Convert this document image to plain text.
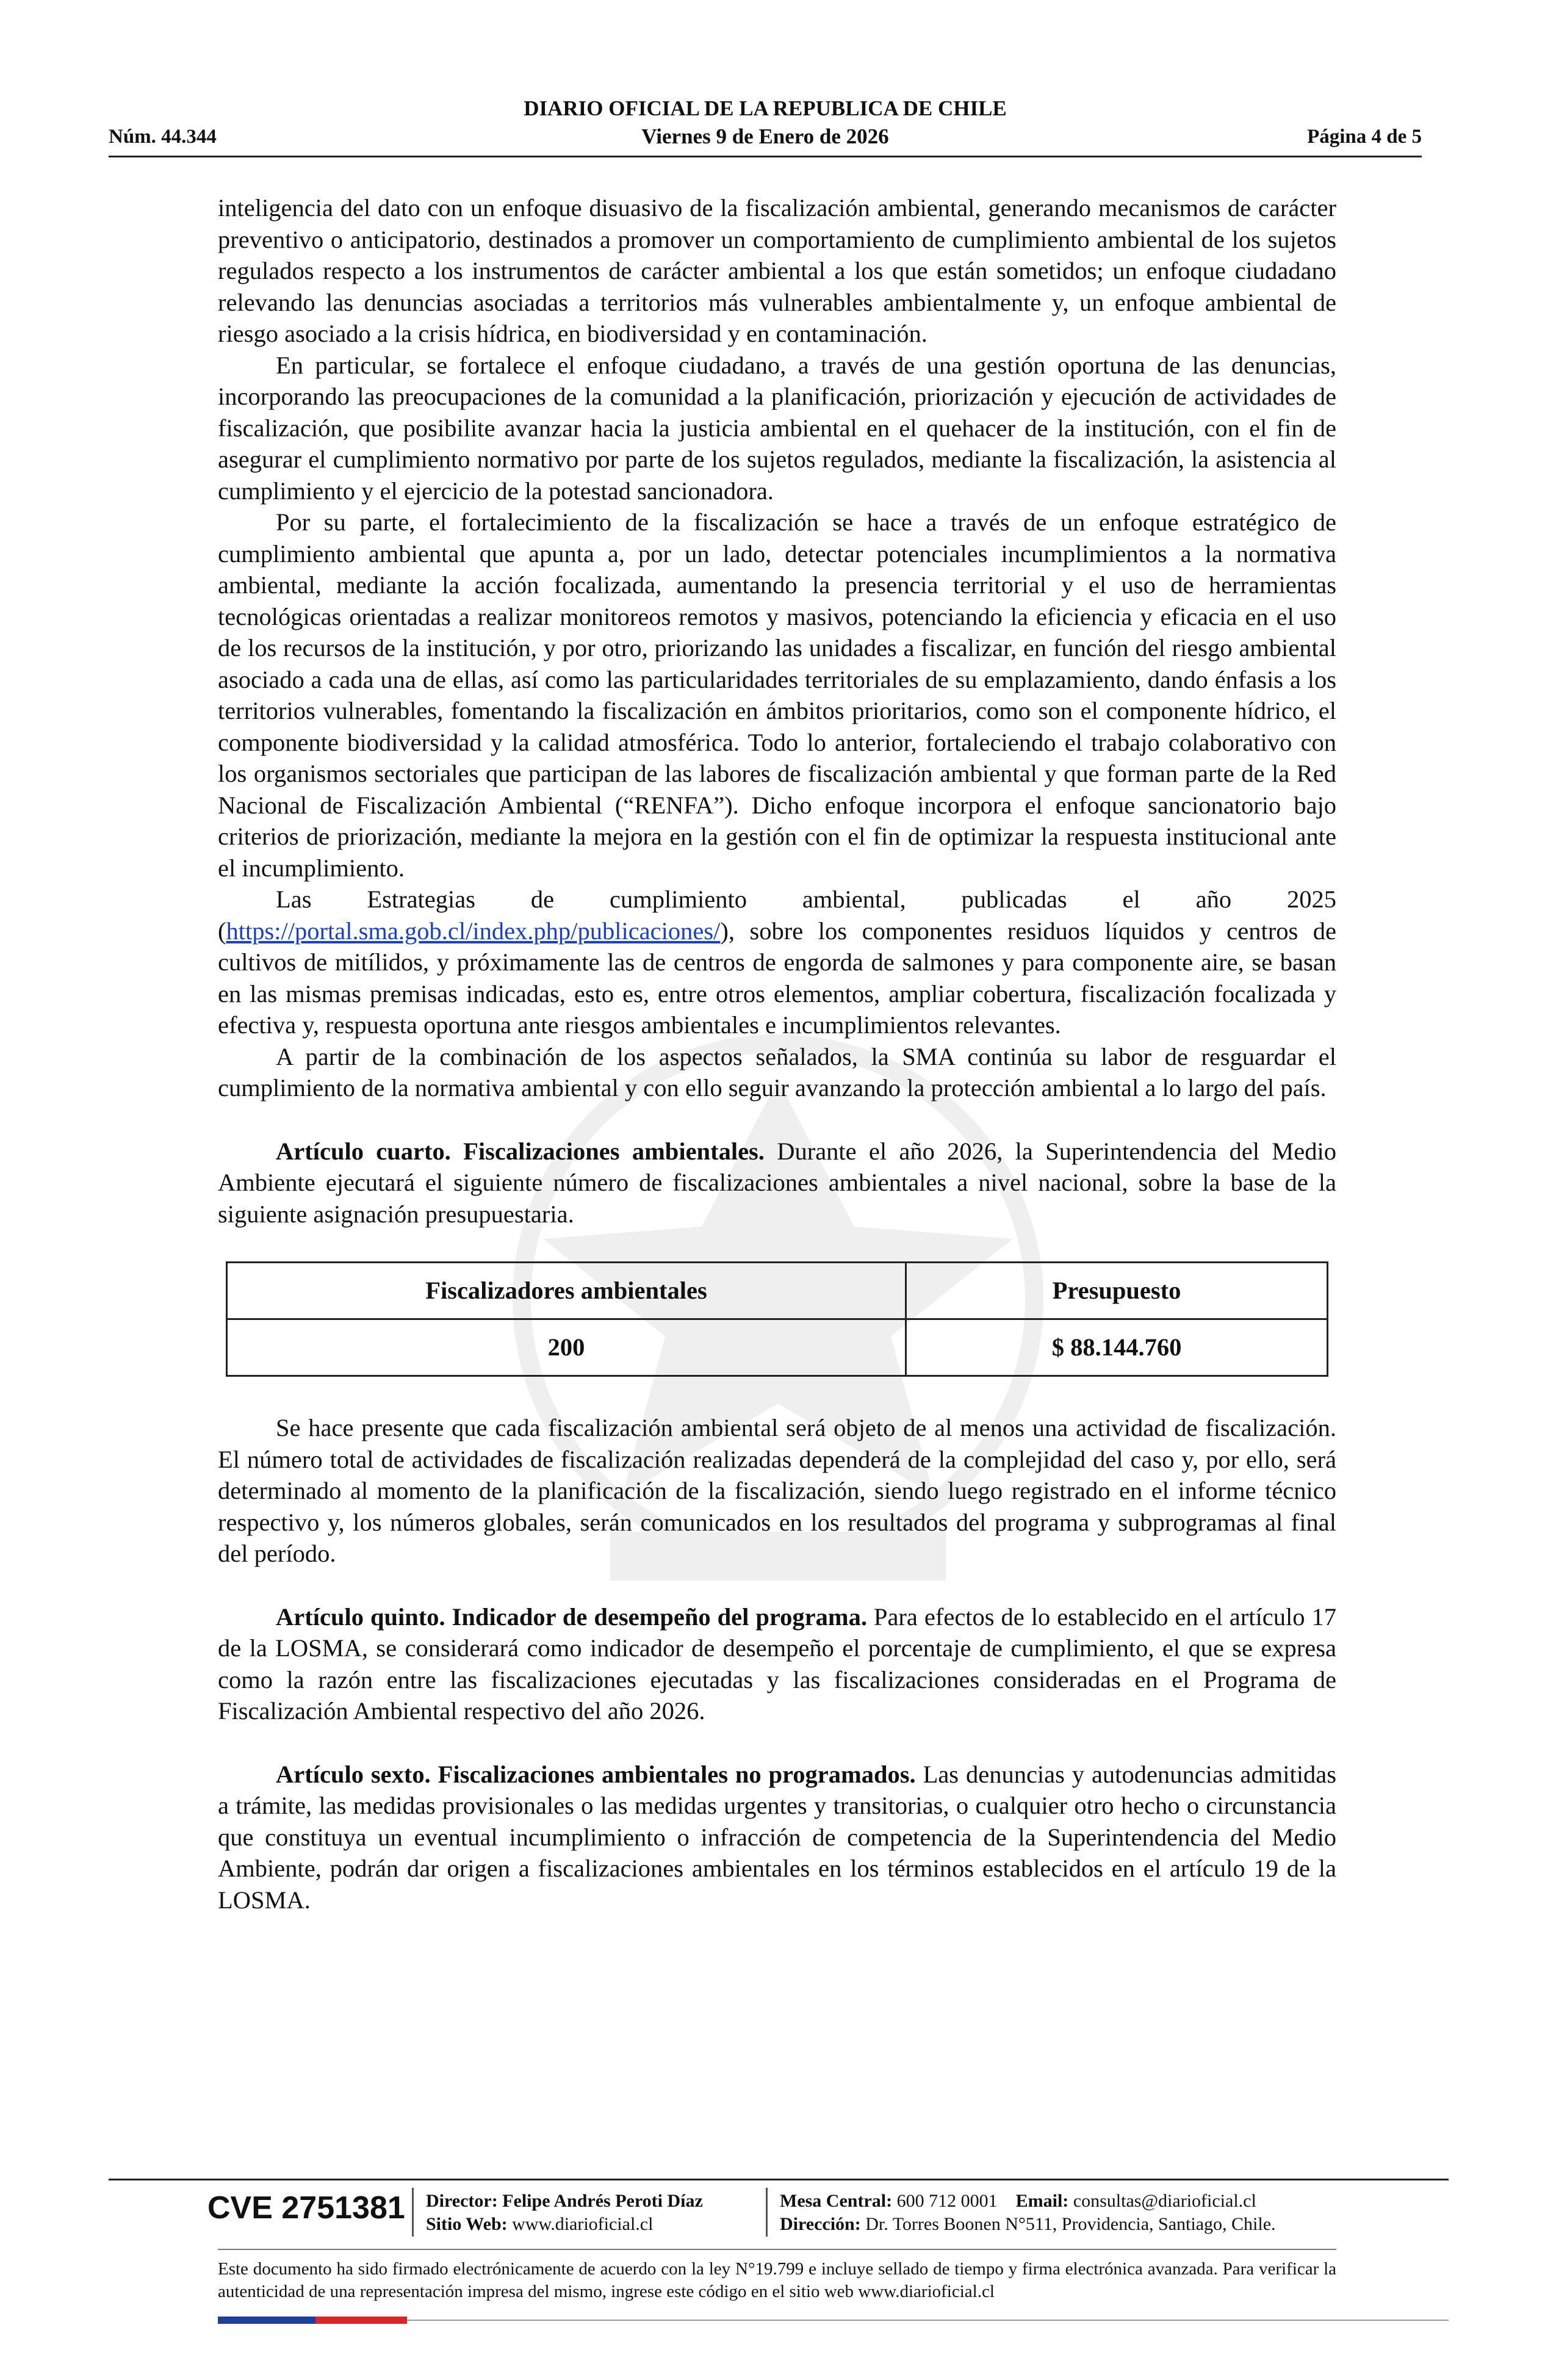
DIARIO OFICIAL DE LA REPUBLICA DE CHILE
Núm. 44.344	Viernes 9 de Enero de 2026	Página 4 de 5

inteligencia del dato con un enfoque disuasivo de la fiscalización ambiental, generando mecanismos de carácter preventivo o anticipatorio, destinados a promover un comportamiento de cumplimiento ambiental de los sujetos regulados respecto a los instrumentos de carácter ambiental a los que están sometidos; un enfoque ciudadano relevando las denuncias asociadas a territorios más vulnerables ambientalmente y, un enfoque ambiental de riesgo asociado a la crisis hídrica, en biodiversidad y en contaminación.

En particular, se fortalece el enfoque ciudadano, a través de una gestión oportuna de las denuncias, incorporando las preocupaciones de la comunidad a la planificación, priorización y ejecución de actividades de fiscalización, que posibilite avanzar hacia la justicia ambiental en el quehacer de la institución, con el fin de asegurar el cumplimiento normativo por parte de los sujetos regulados, mediante la fiscalización, la asistencia al cumplimiento y el ejercicio de la potestad sancionadora.

Por su parte, el fortalecimiento de la fiscalización se hace a través de un enfoque estratégico de cumplimiento ambiental que apunta a, por un lado, detectar potenciales incumplimientos a la normativa ambiental, mediante la acción focalizada, aumentando la presencia territorial y el uso de herramientas tecnológicas orientadas a realizar monitoreos remotos y masivos, potenciando la eficiencia y eficacia en el uso de los recursos de la institución, y por otro, priorizando las unidades a fiscalizar, en función del riesgo ambiental asociado a cada una de ellas, así como las particularidades territoriales de su emplazamiento, dando énfasis a los territorios vulnerables, fomentando la fiscalización en ámbitos prioritarios, como son el componente hídrico, el componente biodiversidad y la calidad atmosférica. Todo lo anterior, fortaleciendo el trabajo colaborativo con los organismos sectoriales que participan de las labores de fiscalización ambiental y que forman parte de la Red Nacional de Fiscalización Ambiental (“RENFA”). Dicho enfoque incorpora el enfoque sancionatorio bajo criterios de priorización, mediante la mejora en la gestión con el fin de optimizar la respuesta institucional ante el incumplimiento.

Las Estrategias de cumplimiento ambiental, publicadas el año 2025 (https://portal.sma.gob.cl/index.php/publicaciones/), sobre los componentes residuos líquidos y centros de cultivos de mitílidos, y próximamente las de centros de engorda de salmones y para componente aire, se basan en las mismas premisas indicadas, esto es, entre otros elementos, ampliar cobertura, fiscalización focalizada y efectiva y, respuesta oportuna ante riesgos ambientales e incumplimientos relevantes.

A partir de la combinación de los aspectos señalados, la SMA continúa su labor de resguardar el cumplimiento de la normativa ambiental y con ello seguir avanzando la protección ambiental a lo largo del país.

Artículo cuarto. Fiscalizaciones ambientales. Durante el año 2026, la Superintendencia del Medio Ambiente ejecutará el siguiente número de fiscalizaciones ambientales a nivel nacional, sobre la base de la siguiente asignación presupuestaria.

Fiscalizadores ambientales	Presupuesto
200	$ 88.144.760

Se hace presente que cada fiscalización ambiental será objeto de al menos una actividad de fiscalización. El número total de actividades de fiscalización realizadas dependerá de la complejidad del caso y, por ello, será determinado al momento de la planificación de la fiscalización, siendo luego registrado en el informe técnico respectivo y, los números globales, serán comunicados en los resultados del programa y subprogramas al final del período.

Artículo quinto. Indicador de desempeño del programa. Para efectos de lo establecido en el artículo 17 de la LOSMA, se considerará como indicador de desempeño el porcentaje de cumplimiento, el que se expresa como la razón entre las fiscalizaciones ejecutadas y las fiscalizaciones consideradas en el Programa de Fiscalización Ambiental respectivo del año 2026.

Artículo sexto. Fiscalizaciones ambientales no programados. Las denuncias y autodenuncias admitidas a trámite, las medidas provisionales o las medidas urgentes y transitorias, o cualquier otro hecho o circunstancia que constituya un eventual incumplimiento o infracción de competencia de la Superintendencia del Medio Ambiente, podrán dar origen a fiscalizaciones ambientales en los términos establecidos en el artículo 19 de la LOSMA.

CVE 2751381 Director: Felipe Andrés Peroti Díaz
Sitio Web: www.diarioficial.cl
Mesa Central: 600 712 0001 Email: consultas@diarioficial.cl
Dirección: Dr. Torres Boonen N°511, Providencia, Santiago, Chile.
Este documento ha sido firmado electrónicamente de acuerdo con la ley N°19.799 e incluye sellado de tiempo y firma electrónica avanzada. Para verificar la autenticidad de una representación impresa del mismo, ingrese este código en el sitio web www.diarioficial.cl
